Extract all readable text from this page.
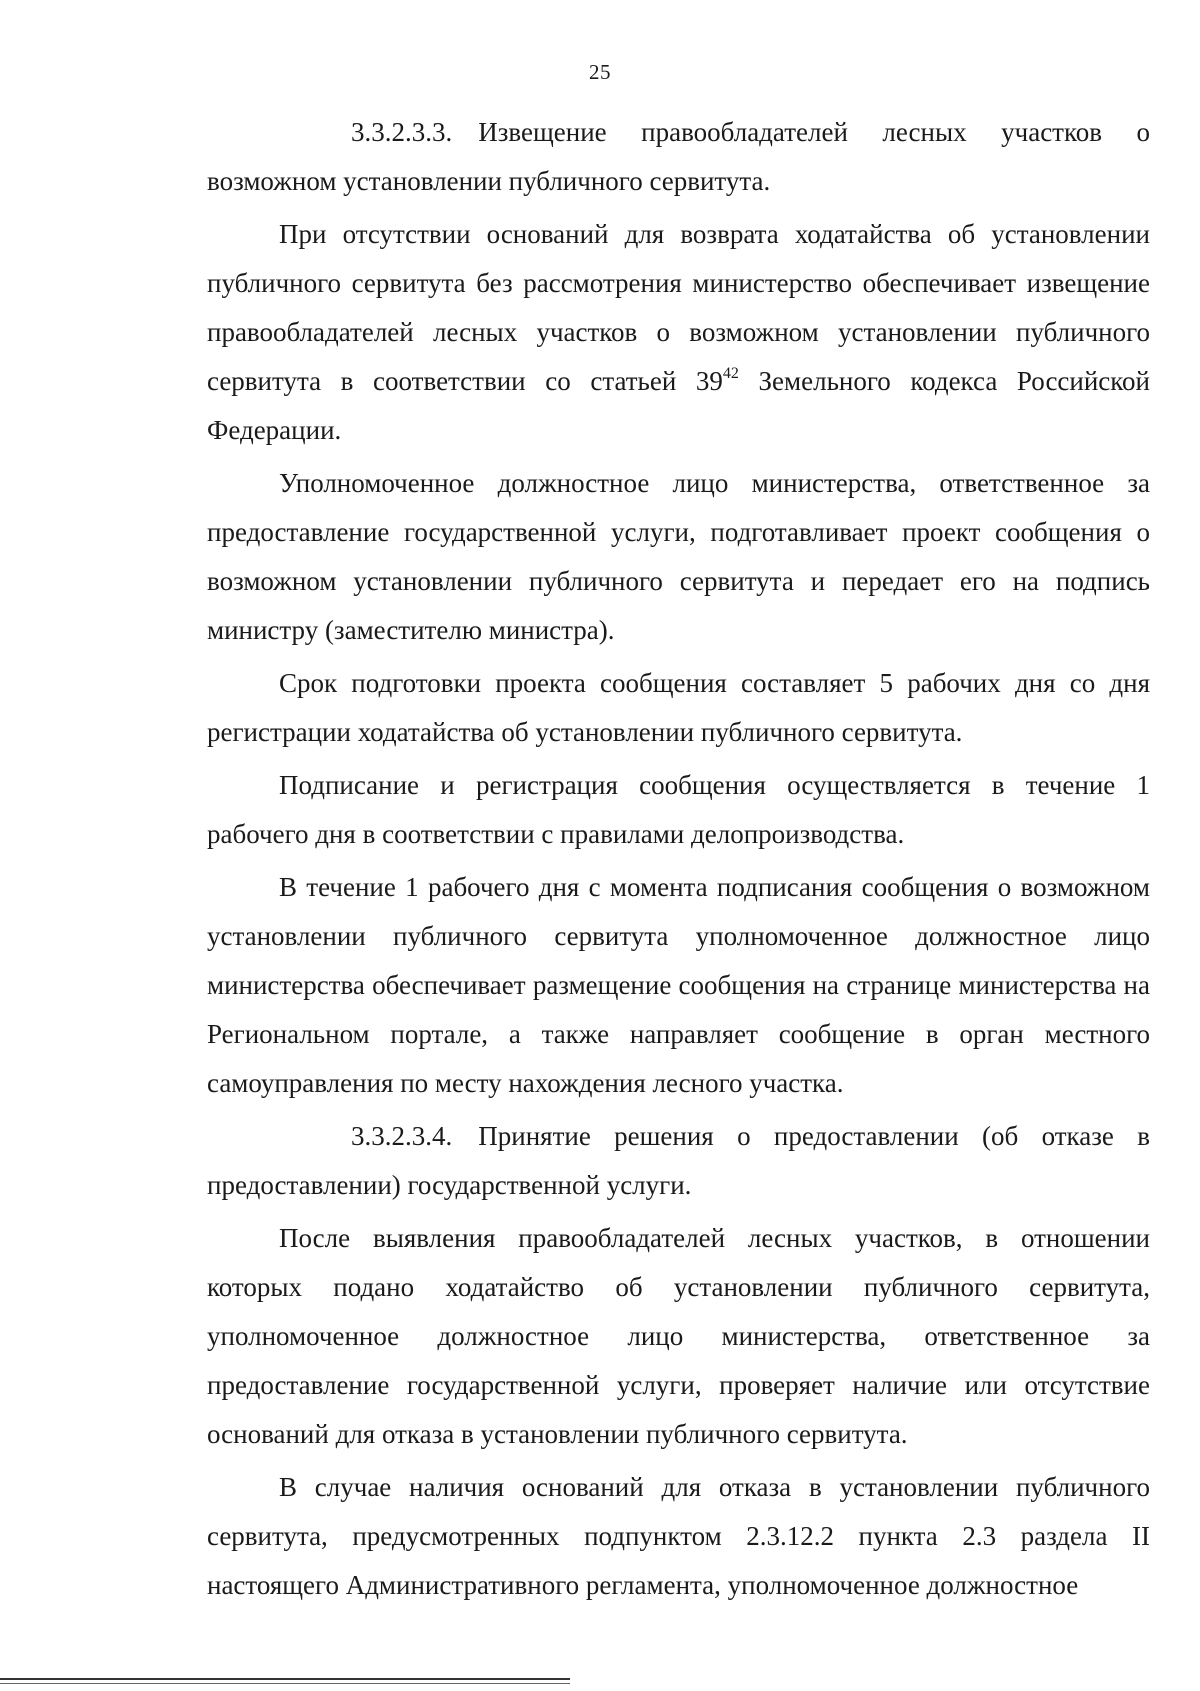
25

3.3.2.3.3. Извещение правообладателей лесных участков о возможном установлении публичного сервитута.

При отсутствии оснований для возврата ходатайства об установлении публичного сервитута без рассмотрения министерство обеспечивает извещение правообладателей лесных участков о возможном установлении публичного сервитута в соответствии со статьей $39^{42}$ Земельного кодекса Российской Федерации.

Уполномоченное должностное лицо министерства, ответственное за предоставление государственной услуги, подготавливает проект сообщения о возможном установлении публичного сервитута и передает его на подпись министру (заместителю министра).

Срок подготовки проекта сообщения составляет 5 рабочих дня со дня регистрации ходатайства об установлении публичного сервитута.

Подписание и регистрация сообщения осуществляется в течение 1 рабочего дня в соответствии с правилами делопроизводства.

В течение 1 рабочего дня с момента подписания сообщения о возможном установлении публичного сервитута уполномоченное должностное лицо министерства обеспечивает размещение сообщения на странице министерства на Региональном портале, а также направляет сообщение в орган местного самоуправления по месту нахождения лесного участка.

3.3.2.3.4. Принятие решения о предоставлении (об отказе в предоставлении) государственной услуги.

После выявления правообладателей лесных участков, в отношении которых подано ходатайство об установлении публичного сервитута, уполномоченное должностное лицо министерства, ответственное за предоставление государственной услуги, проверяет наличие или отсутствие оснований для отказа в установлении публичного сервитута.

В случае наличия оснований для отказа в установлении публичного сервитута, предусмотренных подпунктом 2.3.12.2 пункта 2.3 раздела II настоящего Административного регламента, уполномоченное должностное
